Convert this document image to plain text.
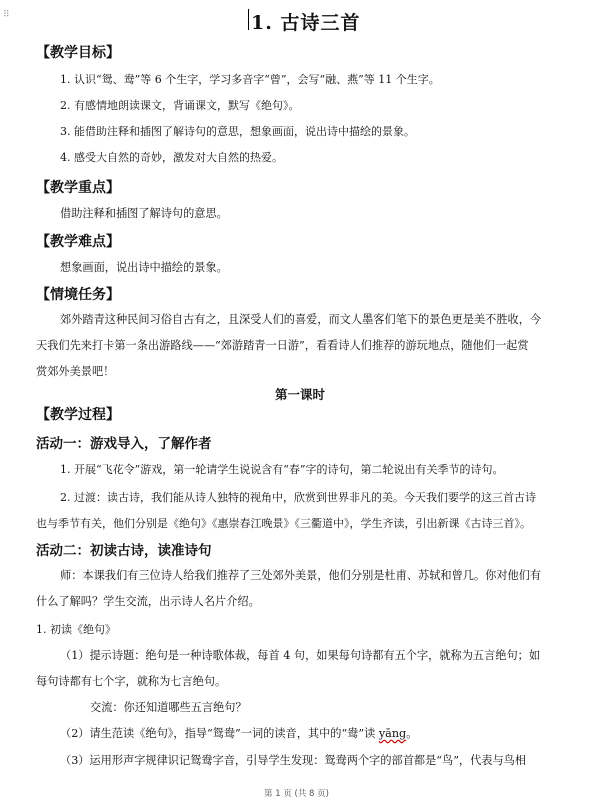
⠿	1. 古诗三首
【教学目标】
1. 认识“鸳、鸯”等 6 个生字，学习多音字“曾”，会写“融、燕”等 11 个生字。
2. 有感情地朗读课文，背诵课文，默写《绝句》。
3. 能借助注释和插图了解诗句的意思，想象画面，说出诗中描绘的景象。
4. 感受大自然的奇妙，激发对大自然的热爱。
【教学重点】
借助注释和插图了解诗句的意思。
【教学难点】
想象画面，说出诗中描绘的景象。
【情境任务】
郊外踏青这种民间习俗自古有之，且深受人们的喜爱，而文人墨客们笔下的景色更是美不胜收，今
天我们先来打卡第一条出游路线——“郊游踏青一日游”，看看诗人们推荐的游玩地点，随他们一起赏
赏郊外美景吧！
第一课时
【教学过程】
活动一：游戏导入，了解作者
1. 开展“飞花令”游戏，第一轮请学生说说含有“春”字的诗句，第二轮说出有关季节的诗句。
2. 过渡：读古诗，我们能从诗人独特的视角中，欣赏到世界非凡的美。今天我们要学的这三首古诗
也与季节有关，他们分别是《绝句》《惠崇春江晚景》《三衢道中》，学生齐读，引出新课《古诗三首》。
活动二：初读古诗，读准诗句
师：本课我们有三位诗人给我们推荐了三处郊外美景，他们分别是杜甫、苏轼和曾几。你对他们有
什么了解吗？学生交流，出示诗人名片介绍。
1. 初读《绝句》
（1）提示诗题：绝句是一种诗歌体裁，每首 4 句，如果每句诗都有五个字，就称为五言绝句；如
每句诗都有七个字，就称为七言绝句。
交流：你还知道哪些五言绝句？
（2）请生范读《绝句》，指导“鸳鸯”一词的读音，其中的“鸯”读 yāng。
（3）运用形声字规律识记鸳鸯字音，引导学生发现：鸳鸯两个字的部首都是“鸟”，代表与鸟相
第 1 页 (共 8 页)
